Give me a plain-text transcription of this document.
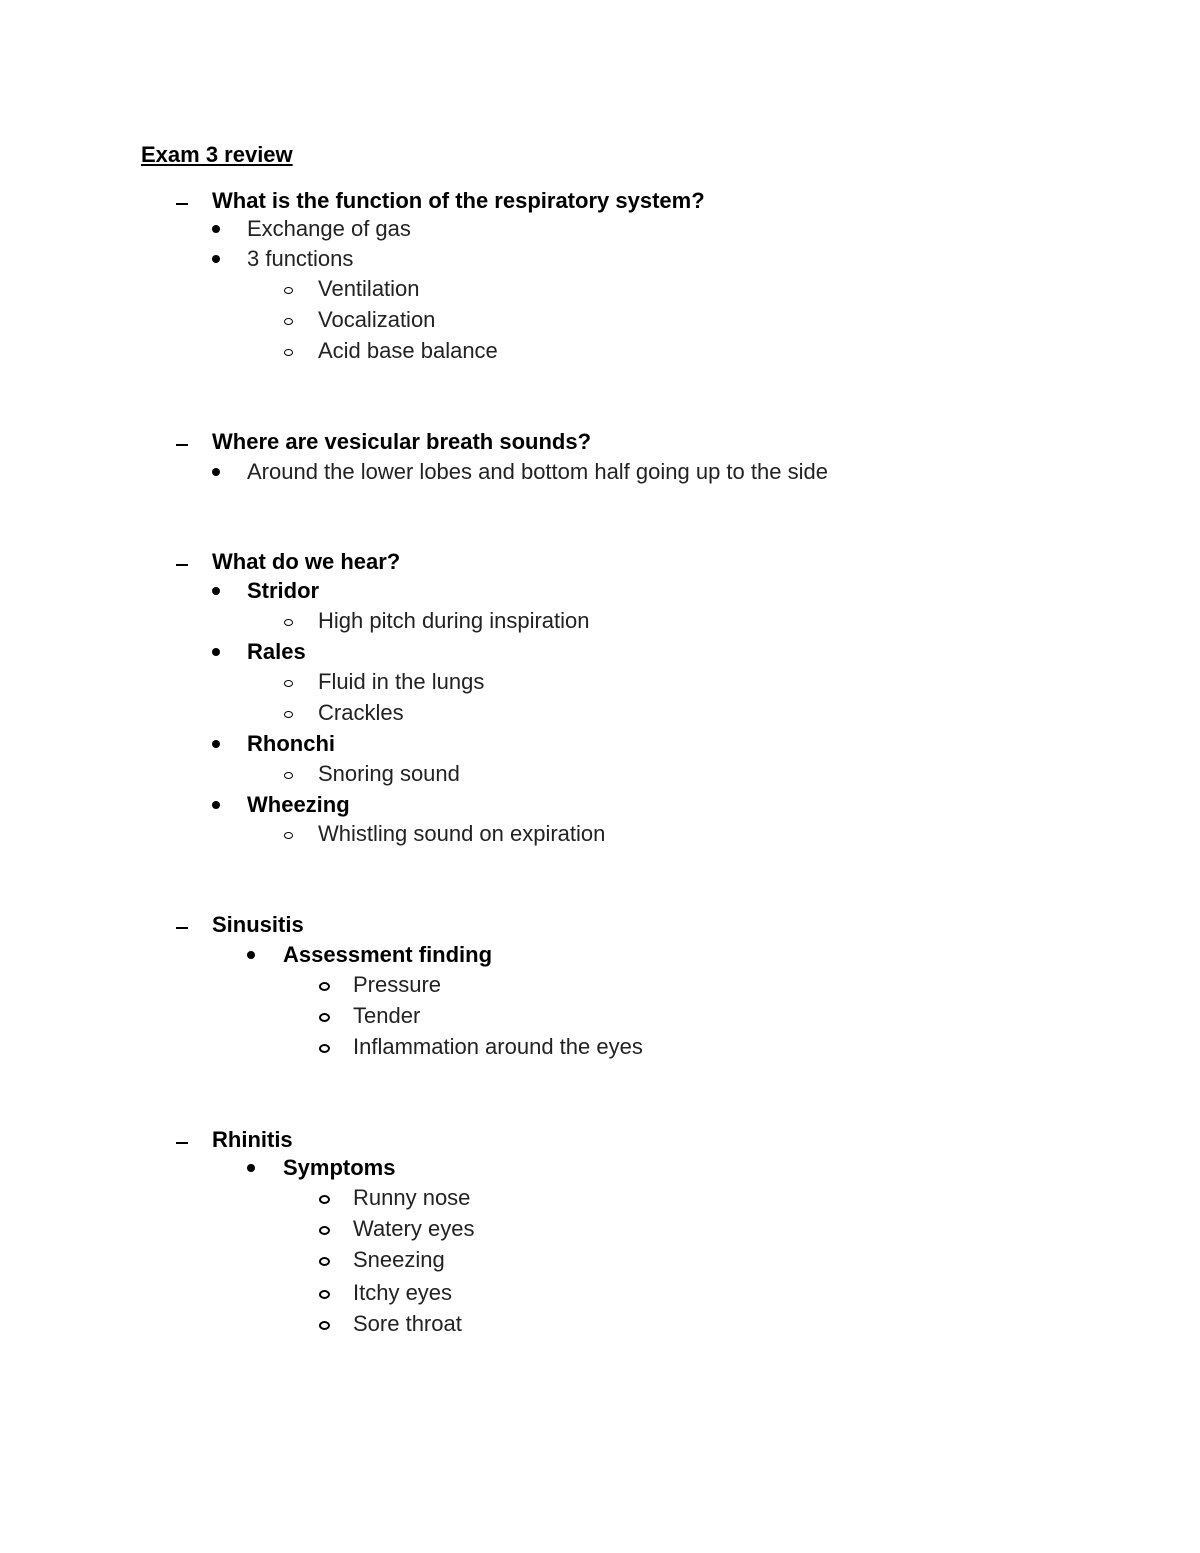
Exam 3 review
What is the function of the respiratory system?
Exchange of gas
3 functions
Ventilation
Vocalization
Acid base balance
Where are vesicular breath sounds?
Around the lower lobes and bottom half going up to the side
What do we hear?
Stridor
High pitch during inspiration
Rales
Fluid in the lungs
Crackles
Rhonchi
Snoring sound
Wheezing
Whistling sound on expiration
Sinusitis
Assessment finding
Pressure
Tender
Inflammation around the eyes
Rhinitis
Symptoms
Runny nose
Watery eyes
Sneezing
Itchy eyes
Sore throat
